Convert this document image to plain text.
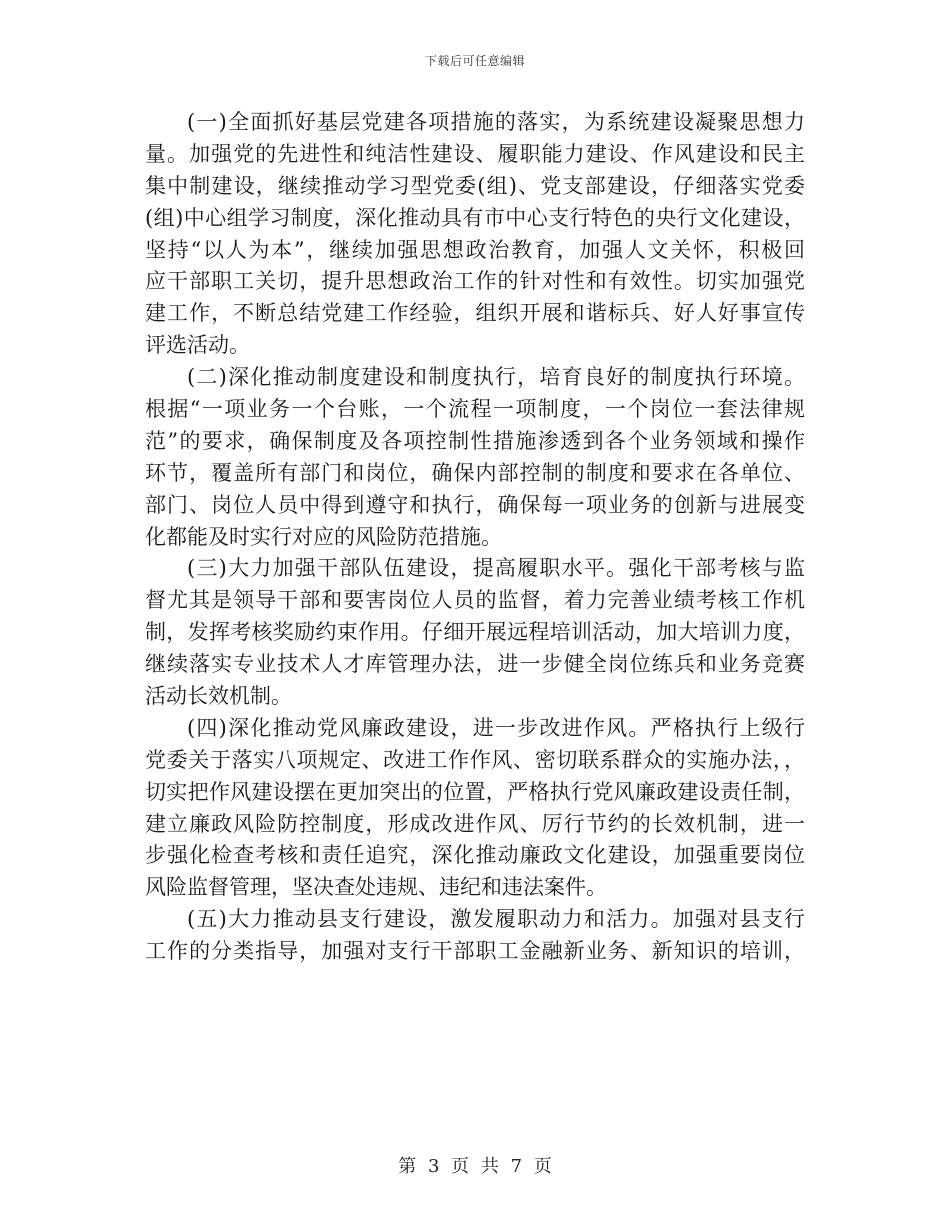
下载后可任意编辑
(一)全面抓好基层党建各项措施的落实，为系统建设凝聚思想力
量。加强党的先进性和纯洁性建设、履职能力建设、作风建设和民主
集中制建设，继续推动学习型党委(组)、党支部建设，仔细落实党委
(组)中心组学习制度，深化推动具有市中心支行特色的央行文化建设，
坚持“以人为本”，继续加强思想政治教育，加强人文关怀，积极回
应干部职工关切，提升思想政治工作的针对性和有效性。切实加强党
建工作，不断总结党建工作经验，组织开展和谐标兵、好人好事宣传
评选活动。
(二)深化推动制度建设和制度执行，培育良好的制度执行环境。
根据“一项业务一个台账，一个流程一项制度，一个岗位一套法律规
范”的要求，确保制度及各项控制性措施渗透到各个业务领域和操作
环节，覆盖所有部门和岗位，确保内部控制的制度和要求在各单位、
部门、岗位人员中得到遵守和执行，确保每一项业务的创新与进展变
化都能及时实行对应的风险防范措施。
(三)大力加强干部队伍建设，提高履职水平。强化干部考核与监
督尤其是领导干部和要害岗位人员的监督，着力完善业绩考核工作机
制，发挥考核奖励约束作用。仔细开展远程培训活动，加大培训力度，
继续落实专业技术人才库管理办法，进一步健全岗位练兵和业务竞赛
活动长效机制。
(四)深化推动党风廉政建设，进一步改进作风。严格执行上级行
党委关于落实八项规定、改进工作作风、密切联系群众的实施办法，，
切实把作风建设摆在更加突出的位置，严格执行党风廉政建设责任制，
建立廉政风险防控制度，形成改进作风、厉行节约的长效机制，进一
步强化检查考核和责任追究，深化推动廉政文化建设，加强重要岗位
风险监督管理，坚决查处违规、违纪和违法案件。
(五)大力推动县支行建设，激发履职动力和活力。加强对县支行
工作的分类指导，加强对支行干部职工金融新业务、新知识的培训，
第 3 页 共 7 页
